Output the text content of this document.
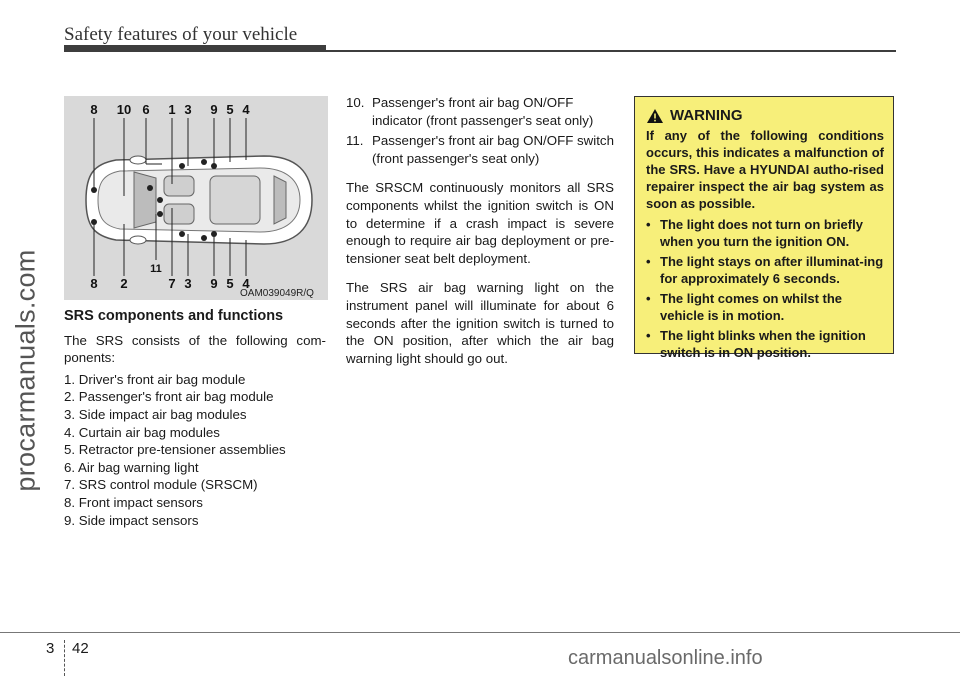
Safety features of your vehicle
procarmanuals.com
8 10 6 1 3 9 5 4
8 2
11
7 3 9 5 4
OAM039049R/Q
SRS components and functions

The SRS consists of the following com-ponents:

1. Driver's front air bag module
2. Passenger's front air bag module
3. Side impact air bag modules
4. Curtain air bag modules
5. Retractor pre-tensioner assemblies
6. Air bag warning light
7. SRS control module (SRSCM)
8. Front impact sensors
9. Side impact sensors
10. Passenger's front air bag ON/OFF indicator (front passenger's seat only)
11. Passenger's front air bag ON/OFF switch (front passenger's seat only)

The SRSCM continuously monitors all SRS components whilst the ignition switch is ON to determine if a crash impact is severe enough to require air bag deployment or pre-tensioner seat belt deployment.

The SRS air bag warning light on the instrument panel will illuminate for about 6 seconds after the ignition switch is turned to the ON position, after which the air bag warning light should go out.

WARNING

If any of the following conditions occurs, this indicates a malfunction of the SRS. Have a HYUNDAI autho-rised repairer inspect the air bag system as soon as possible.

• The light does not turn on briefly when you turn the ignition ON.
• The light stays on after illuminat-ing for approximately 6 seconds.
• The light comes on whilst the vehicle is in motion.
• The light blinks when the ignition switch is in ON position.
3 42	carmanualsonline.info
